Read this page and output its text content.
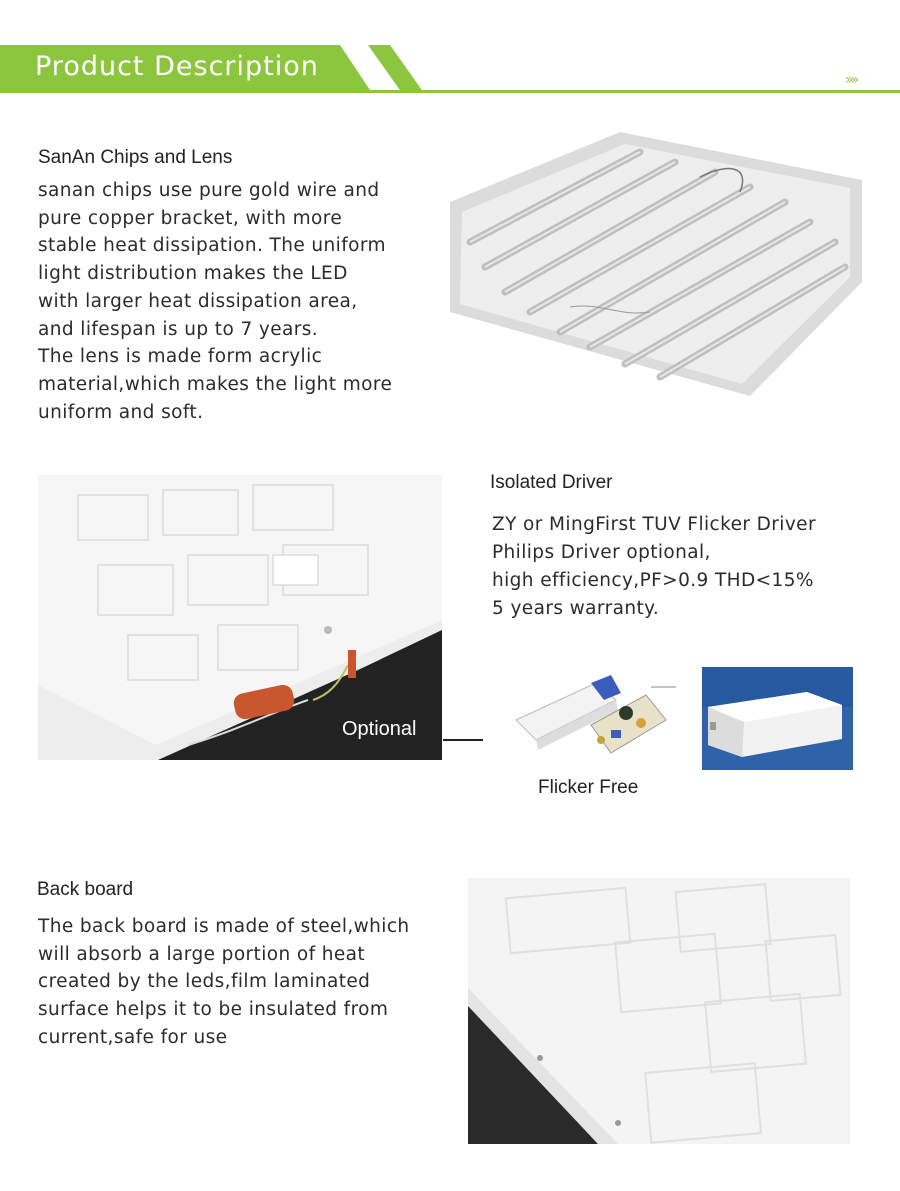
Product Description	»»
SanAn Chips and Lens

sanan chips use pure gold wire and

pure copper bracket, with more

stable heat dissipation. The uniform

light distribution makes the LED

with larger heat dissipation area,

and lifespan is up to 7 years.

The lens is made form acrylic

material,which makes the light more

uniform and soft.

Optional
Isolated Driver

ZY or MingFirst TUV Flicker Driver

Philips Driver optional,

high efficiency,PF>0.9 THD<15%

5 years warranty.

Flicker Free
Back board

The back board is made of steel,which

will absorb a large portion of heat

created by the leds,film laminated

surface helps it to be insulated from

current,safe for use
